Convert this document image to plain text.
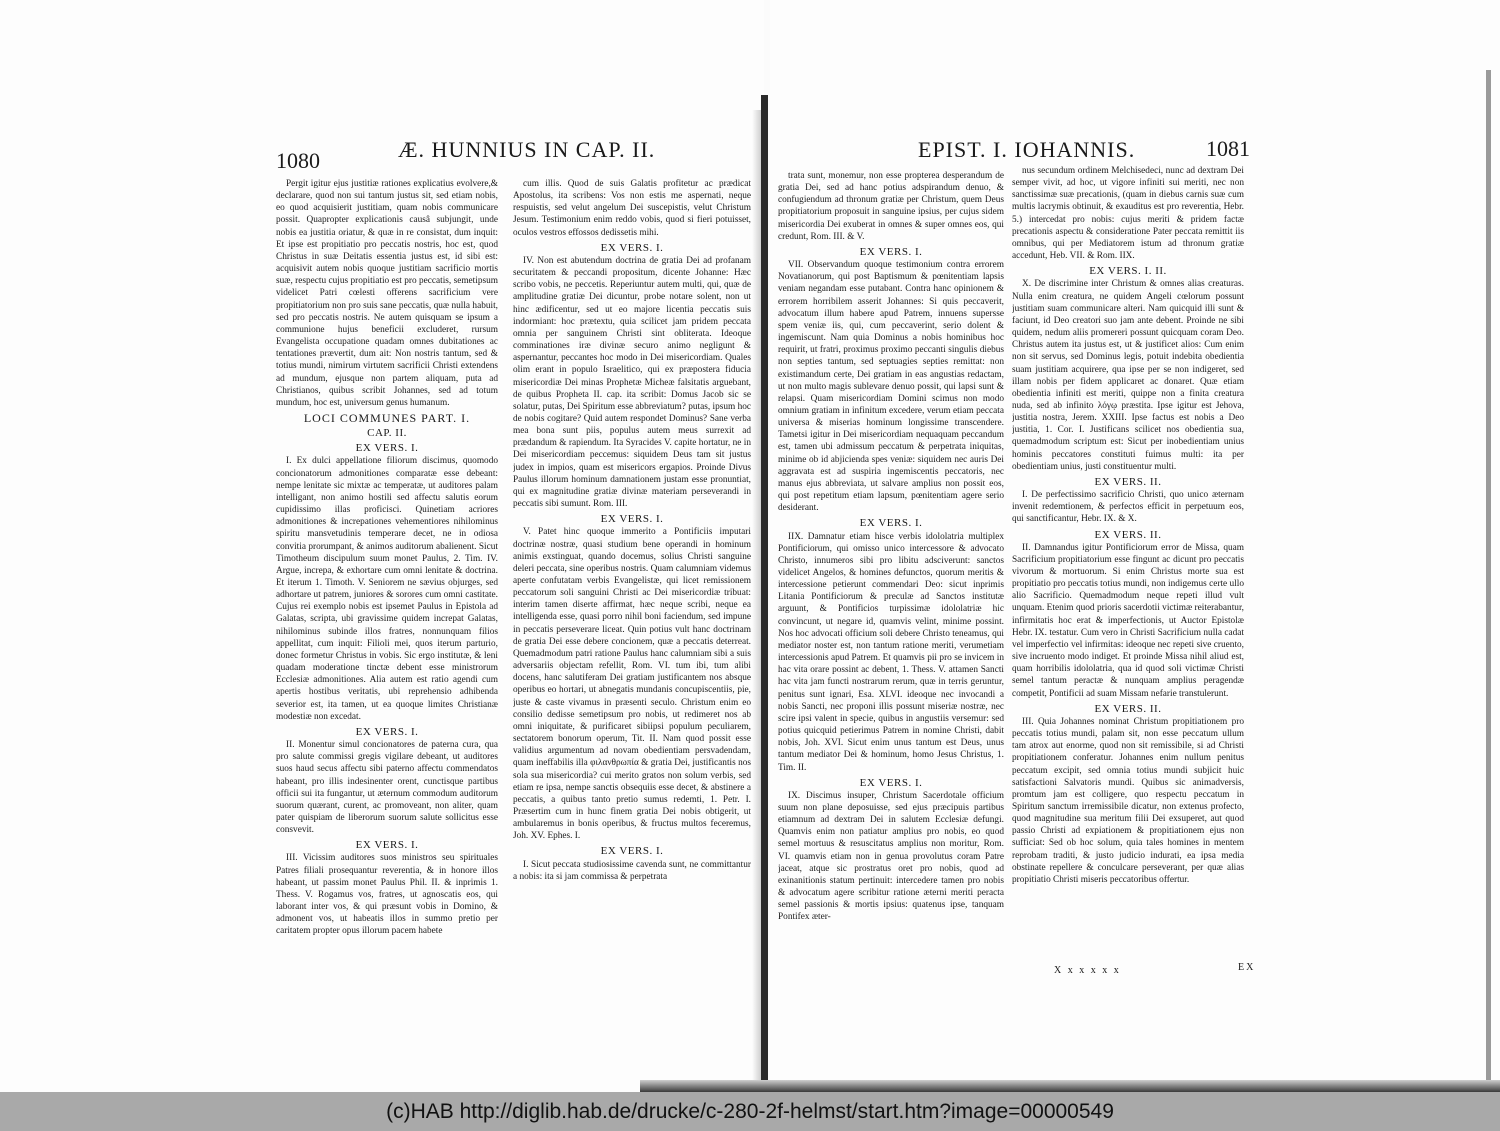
1080	Æ. HUNNIUS IN CAP. II.

Pergit igitur ejus justitiæ rationes explicatius evolvere,& declarare, quod non sui tantum justus sit, sed etiam nobis, eo quod acquisierit justitiam, quam nobis communicare possit. Quapropter explicationis causâ subjungit, unde nobis ea justitia oriatur, & quæ in re consistat, dum inquit: Et ipse est propitiatio pro peccatis nostris, hoc est, quod Christus in suæ Deitatis essentia justus est, id sibi est: acquisivit autem nobis quoque justitiam sacrificio mortis suæ, respectu cujus propitiatio est pro peccatis, semetipsum videlicet Patri cœlesti offerens sacrificium vere propitiatorium non pro suis sane peccatis, quæ nulla habuit, sed pro peccatis nostris. Ne autem quisquam se ipsum a communione hujus beneficii excluderet, rursum Evangelista occupatione quadam omnes dubitationes ac tentationes prævertit, dum ait: Non nostris tantum, sed & totius mundi, nimirum virtutem sacrificii Christi extendens ad mundum, ejusque non partem aliquam, puta ad Christianos, quibus scribit Johannes, sed ad totum mundum, hoc est, universum genus humanum.

LOCI COMMUNES PART. I.
CAP. II.
EX VERS. I.

I. Ex dulci appellatione filiorum discimus, quomodo concionatorum admonitiones comparatæ esse debeant: nempe lenitate sic mixtæ ac temperatæ, ut auditores palam intelligant, non animo hostili sed affectu salutis eorum cupidissimo illas proficisci. Quinetiam acriores admonitiones & increpationes vehementiores nihilominus spiritu mansvetudinis temperare decet, ne in odiosa convitia prorumpant, & animos auditorum abalienent. Sicut Timotheum discipulum suum monet Paulus, 2. Tim. IV. Argue, increpa, & exhortare cum omni lenitate & doctrina. Et iterum 1. Timoth. V. Seniorem ne sævius objurges, sed adhortare ut patrem, juniores & sorores cum omni castitate. Cujus rei exemplo nobis est ipsemet Paulus in Epistola ad Galatas, scripta, ubi gravissime quidem increpat Galatas, nihilominus subinde illos fratres, nonnunquam filios appellitat, cum inquit: Filioli mei, quos iterum parturio, donec formetur Christus in vobis. Sic ergo institutæ, & leni quadam moderatione tinctæ debent esse ministrorum Ecclesiæ admonitiones. Alia autem est ratio agendi cum apertis hostibus veritatis, ubi reprehensio adhibenda severior est, ita tamen, ut ea quoque limites Christianæ modestiæ non excedat.

EX VERS. I.

II. Monentur simul concionatores de paterna cura, qua pro salute commissi gregis vigilare debeant, ut auditores suos haud secus affectu sibi paterno affectu commendatos habeant, pro illis indesinenter orent, cunctisque partibus officii sui ita fungantur, ut æternum commodum auditorum suorum quærant, curent, ac promoveant, non aliter, quam pater quispiam de liberorum suorum salute sollicitus esse consvevit.

EX VERS. I.

III. Vicissim auditores suos ministros seu spirituales Patres filiali prosequantur reverentia, & in honore illos habeant, ut passim monet Paulus Phil. II. & inprimis 1. Thess. V. Rogamus vos, fratres, ut agnoscatis eos, qui laborant inter vos, & qui præsunt vobis in Domino, & admonent vos, ut habeatis illos in summo pretio per caritatem propter opus illorum pacem habete

cum illis. Quod de suis Galatis profitetur ac prædicat Apostolus, ita scribens: Vos non estis me aspernati, neque respuistis, sed velut angelum Dei suscepistis, velut Christum Jesum. Testimonium enim reddo vobis, quod si fieri potuisset, oculos vestros effossos dedissetis mihi.

EX VERS. I.

IV. Non est abutendum doctrina de gratia Dei ad profanam securitatem & peccandi propositum, dicente Johanne: Hæc scribo vobis, ne peccetis. Reperiuntur autem multi, qui, quæ de amplitudine gratiæ Dei dicuntur, probe notare solent, non ut hinc ædificentur, sed ut eo majore licentia peccatis suis indormiant: hoc prætextu, quia scilicet jam pridem peccata omnia per sanguinem Christi sint obliterata. Ideoque comminationes iræ divinæ securo animo negligunt & aspernantur, peccantes hoc modo in Dei misericordiam. Quales olim erant in populo Israelitico, qui ex præpostera fiducia misericordiæ Dei minas Prophetæ Micheæ falsitatis arguebant, de quibus Propheta II. cap. ita scribit: Domus Jacob sic se solatur, putas, Dei Spiritum esse abbreviatum? putas, ipsum hoc de nobis cogitare? Quid autem respondet Dominus? Sane verba mea bona sunt piis, populus autem meus surrexit ad prædandum & rapiendum. Ita Syracides V. capite hortatur, ne in Dei misericordiam peccemus: siquidem Deus tam sit justus judex in impios, quam est misericors ergapios. Proinde Divus Paulus illorum hominum damnationem justam esse pronuntiat, qui ex magnitudine gratiæ divinæ materiam perseverandi in peccatis sibi sumunt. Rom. III.

EX VERS. I.

V. Patet hinc quoque immerito a Pontificiis imputari doctrinæ nostræ, quasi studium bene operandi in hominum animis exstinguat, quando docemus, solius Christi sanguine deleri peccata, sine operibus nostris. Quam calumniam videmus aperte confutatam verbis Evangelistæ, qui licet remissionem peccatorum soli sanguini Christi ac Dei misericordiæ tribuat: interim tamen diserte affirmat, hæc neque scribi, neque ea intelligenda esse, quasi porro nihil boni faciendum, sed impune in peccatis perseverare liceat. Quin potius vult hanc doctrinam de gratia Dei esse debere concionem, quæ a peccatis deterreat. Quemadmodum patri ratione Paulus hanc calumniam sibi a suis adversariis objectam refellit, Rom. VI. tum ibi, tum alibi docens, hanc salutiferam Dei gratiam justificantem nos absque operibus eo hortari, ut abnegatis mundanis concupiscentiis, pie, juste & caste vivamus in præsenti seculo. Christum enim eo consilio dedisse semetipsum pro nobis, ut redimeret nos ab omni iniquitate, & purificaret sibiipsi populum peculiarem, sectatorem bonorum operum, Tit. II. Nam quod possit esse validius argumentum ad novam obedientiam persvadendam, quam ineffabilis illa φιλανθρωπία & gratia Dei, justificantis nos sola sua misericordia? cui merito gratos non solum verbis, sed etiam re ipsa, nempe sanctis obsequiis esse decet, & abstinere a peccatis, a quibus tanto pretio sumus redemti, 1. Petr. I. Præsertim cum in hunc finem gratia Dei nobis obtigerit, ut ambularemus in bonis operibus, & fructus multos feceremus, Joh. XV. Ephes. I.

EX VERS. I.

I. Sicut peccata studiosissime cavenda sunt, ne committantur a nobis: ita si jam commissa & perpetrata

EPIST. I. IOHANNIS.	1081

trata sunt, monemur, non esse propterea desperandum de gratia Dei, sed ad hanc potius adspirandum denuo, & confugiendum ad thronum gratiæ per Christum, quem Deus propitiatorium proposuit in sanguine ipsius, per cujus sidem misericordia Dei exuberat in omnes & super omnes eos, qui credunt, Rom. III. & V.

EX VERS. I.

VII. Observandum quoque testimonium contra errorem Novatianorum, qui post Baptismum & pœnitentiam lapsis veniam negandam esse putabant. Contra hanc opinionem & errorem horribilem asserit Johannes: Si quis peccaverit, advocatum illum habere apud Patrem, innuens supersse spem veniæ iis, qui, cum peccaverint, serio dolent & ingemiscunt. Nam quia Dominus a nobis hominibus hoc requirit, ut fratri, proximus proximo peccanti singulis diebus non septies tantum, sed septuagies septies remittat: non existimandum certe, Dei gratiam in eas angustias redactam, ut non multo magis sublevare denuo possit, qui lapsi sunt & relapsi. Quam misericordiam Domini scimus non modo omnium gratiam in infinitum excedere, verum etiam peccata universa & miserias hominum longissime transcendere. Tametsi igitur in Dei misericordiam nequaquam peccandum est, tamen ubi admissum peccatum & perpetrata iniquitas, minime ob id abjicienda spes veniæ: siquidem nec auris Dei aggravata est ad suspiria ingemiscentis peccatoris, nec manus ejus abbreviata, ut salvare amplius non possit eos, qui post repetitum etiam lapsum, pœnitentiam agere serio desiderant.

EX VERS. I.

IIX. Damnatur etiam hisce verbis idololatria multiplex Pontificiorum, qui omisso unico intercessore & advocato Christo, innumeros sibi pro libitu adsciverunt: sanctos videlicet Angelos, & homines defunctos, quorum meritis & intercessione petierunt commendari Deo: sicut inprimis Litania Pontificiorum & preculæ ad Sanctos institutæ arguunt, & Pontificios turpissimæ idololatriæ hic convincunt, ut negare id, quamvis velint, minime possint. Nos hoc advocati officium soli debere Christo teneamus, qui mediator noster est, non tantum ratione meriti, verumetiam intercessionis apud Patrem. Et quamvis pii pro se invicem in hac vita orare possint ac debent, 1. Thess. V. attamen Sancti hac vita jam functi nostrarum rerum, quæ in terris geruntur, penitus sunt ignari, Esa. XLVI. ideoque nec invocandi a nobis Sancti, nec proponi illis possunt miseriæ nostræ, nec scire ipsi valent in specie, quibus in angustiis versemur: sed potius quicquid petierimus Patrem in nomine Christi, dabit nobis, Joh. XVI. Sicut enim unus tantum est Deus, unus tantum mediator Dei & hominum, homo Jesus Christus, 1. Tim. II.

EX VERS. I.

IX. Discimus insuper, Christum Sacerdotale officium suum non plane deposuisse, sed ejus præcipuis partibus etiamnum ad dextram Dei in salutem Ecclesiæ defungi. Quamvis enim non patiatur amplius pro nobis, eo quod semel mortuus & resuscitatus amplius non moritur, Rom. VI. quamvis etiam non in genua provolutus coram Patre jaceat, atque sic prostratus oret pro nobis, quod ad exinanitionis statum pertinuit: intercedere tamen pro nobis & advocatum agere scribitur ratione æterni meriti peracta semel passionis & mortis ipsius: quatenus ipse, tanquam Pontifex æter-

nus secundum ordinem Melchisedeci, nunc ad dextram Dei semper vivit, ad hoc, ut vigore infiniti sui meriti, nec non sanctissimæ suæ precationis, (quam in diebus carnis suæ cum multis lacrymis obtinuit, & exauditus est pro reverentia, Hebr. 5.) intercedat pro nobis: cujus meriti & pridem factæ precationis aspectu & consideratione Pater peccata remittit iis omnibus, qui per Mediatorem istum ad thronum gratiæ accedunt, Heb. VII. & Rom. IIX.

EX VERS. I. II.

X. De discrimine inter Christum & omnes alias creaturas. Nulla enim creatura, ne quidem Angeli cœlorum possunt justitiam suam communicare alteri. Nam quicquid illi sunt & faciunt, id Deo creatori suo jam ante debent. Proinde ne sibi quidem, nedum aliis promereri possunt quicquam coram Deo. Christus autem ita justus est, ut & justificet alios: Cum enim non sit servus, sed Dominus legis, potuit indebita obedientia suam justitiam acquirere, qua ipse per se non indigeret, sed illam nobis per fidem applicaret ac donaret. Quæ etiam obedientia infiniti est meriti, quippe non a finita creatura nuda, sed ab infinito λόγῳ præstita. Ipse igitur est Jehova, justitia nostra, Jerem. XXIII. Ipse factus est nobis a Deo justitia, 1. Cor. I. Justificans scilicet nos obedientia sua, quemadmodum scriptum est: Sicut per inobedientiam unius hominis peccatores constituti fuimus multi: ita per obedientiam unius, justi constituentur multi.

EX VERS. II.

I. De perfectissimo sacrificio Christi, quo unico æternam invenit redemtionem, & perfectos efficit in perpetuum eos, qui sanctificantur, Hebr. IX. & X.

EX VERS. II.

II. Damnandus igitur Pontificiorum error de Missa, quam Sacrificium propitiatorium esse fingunt ac dicunt pro peccatis vivorum & mortuorum. Si enim Christus morte sua est propitiatio pro peccatis totius mundi, non indigemus certe ullo alio Sacrificio. Quemadmodum neque repeti illud vult unquam. Etenim quod prioris sacerdotii victimæ reiterabantur, infirmitatis hoc erat & imperfectionis, ut Auctor Epistolæ Hebr. IX. testatur. Cum vero in Christi Sacrificium nulla cadat vel imperfectio vel infirmitas: ideoque nec repeti sive cruento, sive incruento modo indiget. Et proinde Missa nihil aliud est, quam horribilis idololatria, qua id quod soli victimæ Christi semel tantum peractæ & nunquam amplius peragendæ competit, Pontificii ad suam Missam nefarie transtulerunt.

EX VERS. II.

III. Quia Johannes nominat Christum propitiationem pro peccatis totius mundi, palam sit, non esse peccatum ullum tam atrox aut enorme, quod non sit remissibile, si ad Christi propitiationem conferatur. Johannes enim nullum penitus peccatum excipit, sed omnia totius mundi subjicit huic satisfactioni Salvatoris mundi. Quibus sic animadversis, promtum jam est colligere, quo respectu peccatum in Spiritum sanctum irremissibile dicatur, non extenus profecto, quod magnitudine sua meritum filii Dei exsuperet, aut quod passio Christi ad expiationem & propitiationem ejus non sufficiat: Sed ob hoc solum, quia tales homines in mentem reprobam traditi, & justo judicio indurati, ea ipsa media obstinate repellere & conculcare perseverant, per quæ alias propitiatio Christi miseris peccatoribus offertur.

X x x x x x	EX
(c)HAB http://diglib.hab.de/drucke/c-280-2f-helmst/start.htm?image=00000549
